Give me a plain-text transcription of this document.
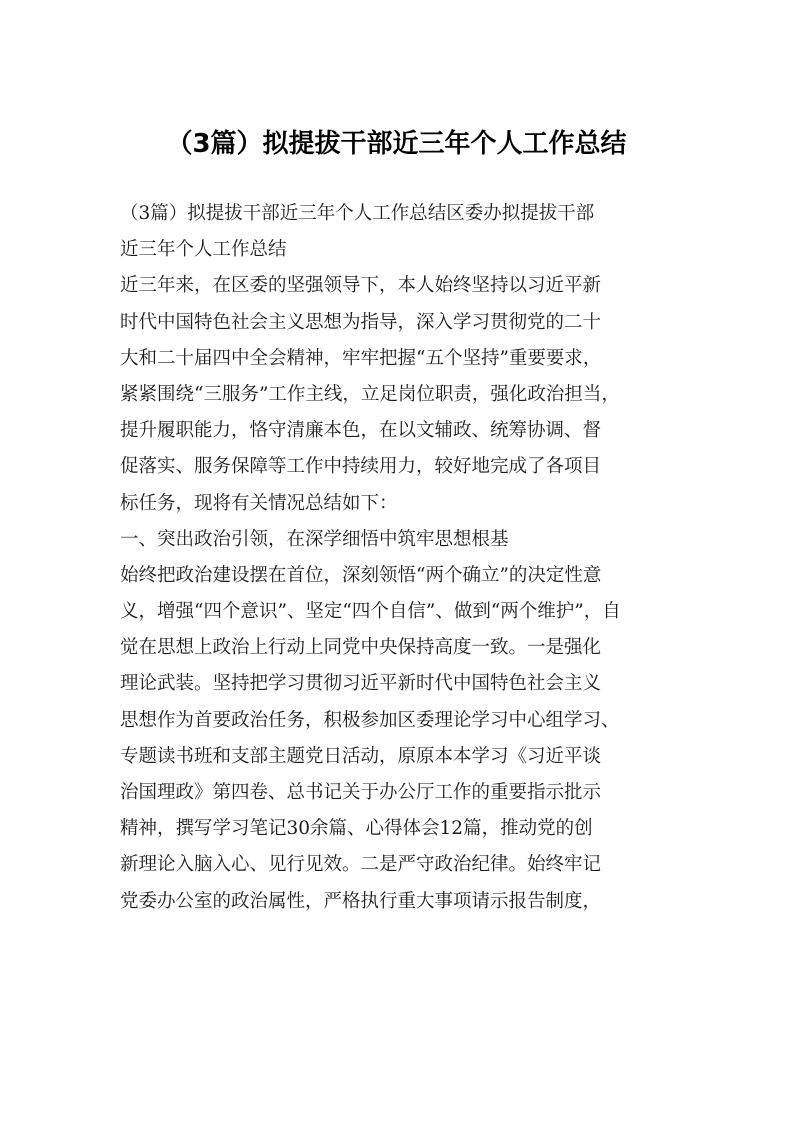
（3篇）拟提拔干部近三年个人工作总结
（3篇）拟提拔干部近三年个人工作总结区委办拟提拔干部
近三年个人工作总结
近三年来，在区委的坚强领导下，本人始终坚持以习近平新
时代中国特色社会主义思想为指导，深入学习贯彻党的二十
大和二十届四中全会精神，牢牢把握“五个坚持”重要要求，
紧紧围绕“三服务”工作主线，立足岗位职责，强化政治担当，
提升履职能力，恪守清廉本色，在以文辅政、统筹协调、督
促落实、服务保障等工作中持续用力，较好地完成了各项目
标任务，现将有关情况总结如下：
一、突出政治引领，在深学细悟中筑牢思想根基
始终把政治建设摆在首位，深刻领悟“两个确立”的决定性意
义，增强“四个意识”、坚定“四个自信”、做到“两个维护”，自
觉在思想上政治上行动上同党中央保持高度一致。一是强化
理论武装。坚持把学习贯彻习近平新时代中国特色社会主义
思想作为首要政治任务，积极参加区委理论学习中心组学习、
专题读书班和支部主题党日活动，原原本本学习《习近平谈
治国理政》第四卷、总书记关于办公厅工作的重要指示批示
精神，撰写学习笔记30余篇、心得体会12篇，推动党的创
新理论入脑入心、见行见效。二是严守政治纪律。始终牢记
党委办公室的政治属性，严格执行重大事项请示报告制度，
